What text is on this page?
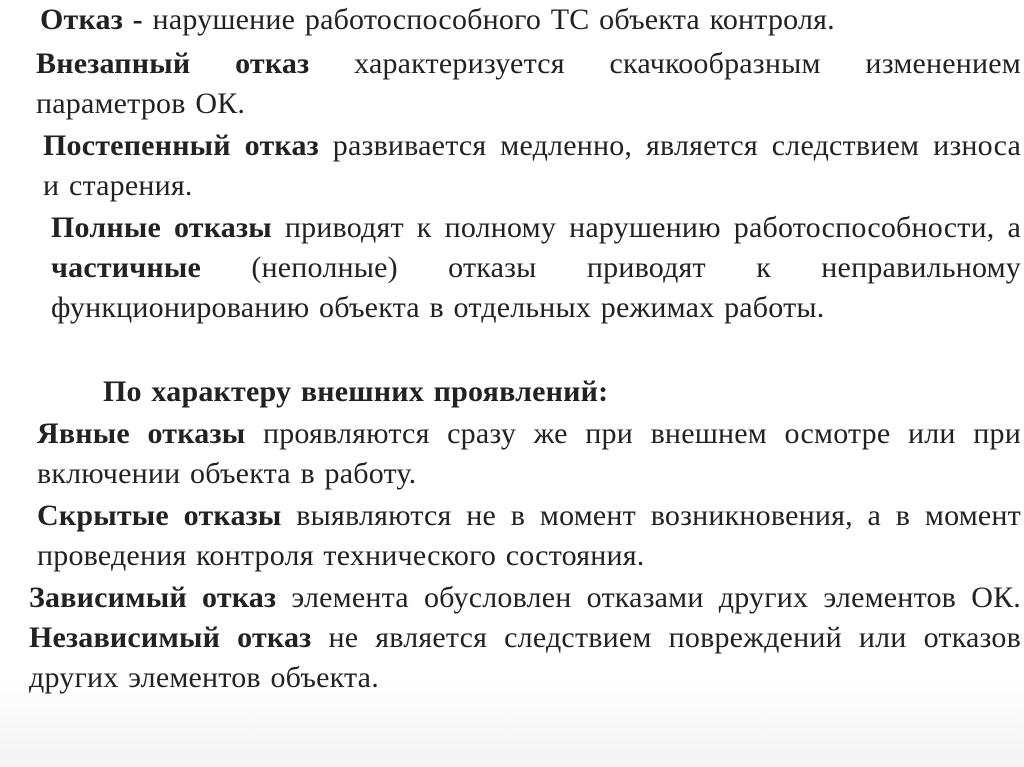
Отказ - нарушение работоспособного ТС объекта контроля.

Внезапный отказ характеризуется скачкообразным изменением параметров ОК.

Постепенный отказ развивается медленно, является следствием износа и старения.

Полные отказы приводят к полному нарушению работоспособности, а частичные (неполные) отказы приводят к неправильному функционированию объекта в отдельных режимах работы.

По характеру внешних проявлений:

Явные отказы проявляются сразу же при внешнем осмотре или при включении объекта в работу.

Скрытые отказы выявляются не в момент возникновения, а в момент проведения контроля технического состояния.

Зависимый отказ элемента обусловлен отказами других элементов ОК. Независимый отказ не является следствием повреждений или отказов других элементов объекта.
